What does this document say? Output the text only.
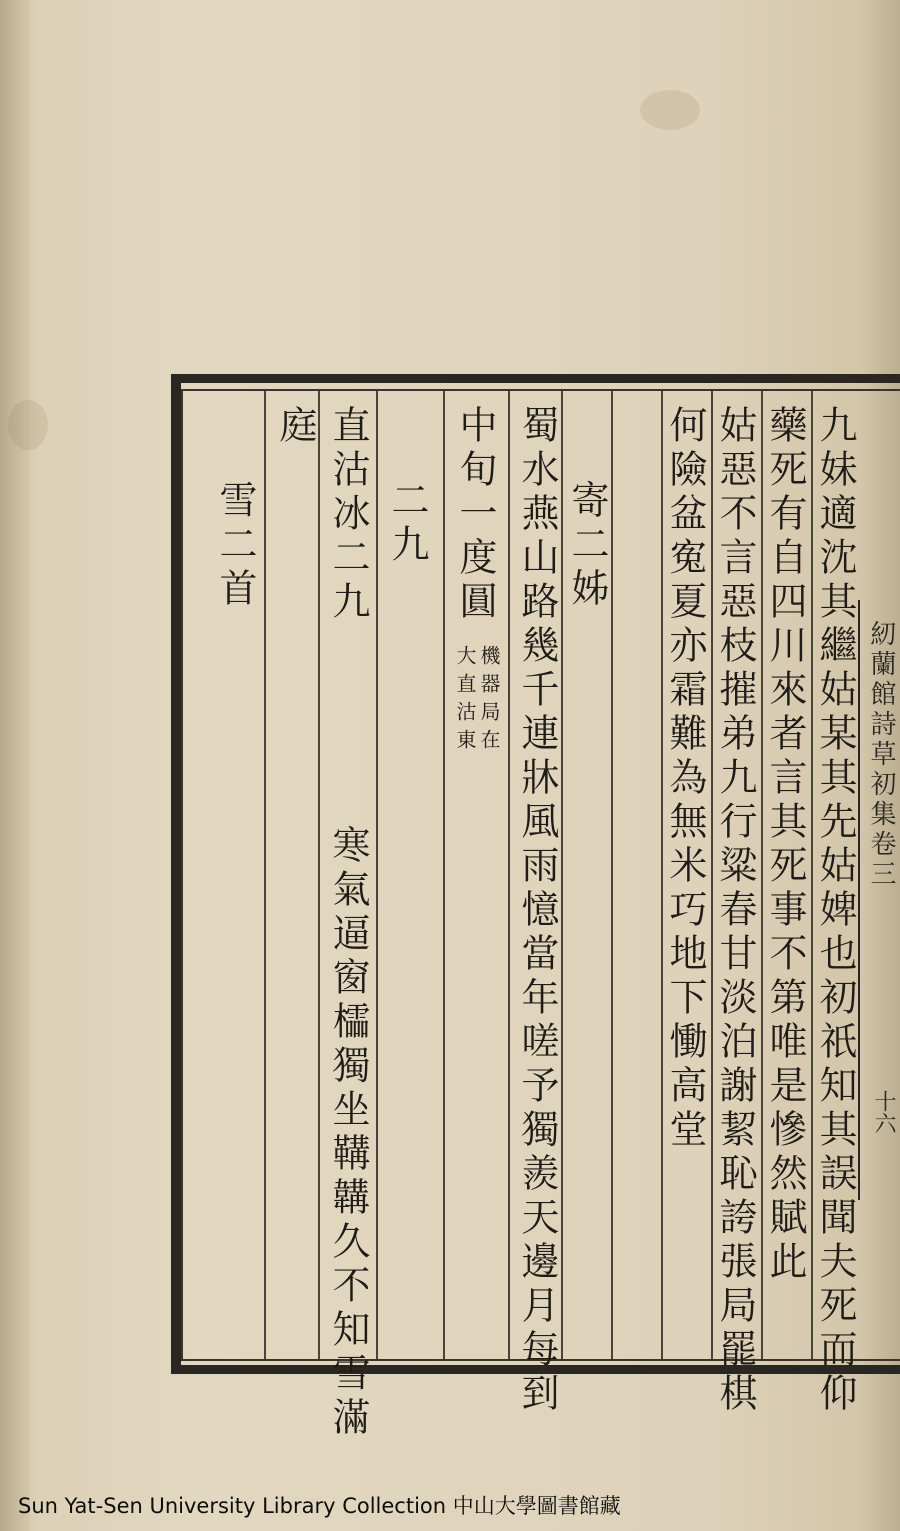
九妹適沈其繼姑某其先姑婢也初祇知其誤聞夫死而仰
藥死有自四川來者言其死事不第唯是慘然賦此
姑惡不言惡枝摧弟九行粱春甘淡泊謝絜恥誇張局罷棋
何險盆寃夏亦霜難為無米巧地下慟高堂
寄二姊
蜀水燕山路幾千連牀風雨憶當年嗟予獨羨天邊月每到
中旬一度圓
二九
直沽冰二九
機器局在
大直沽東
寒氣逼窗櫺獨坐鞲韝久不知雪滿
庭
雪二首
紉蘭館詩草初集卷三
十六
Sun Yat-Sen University Library Collection 中山大學圖書館藏
